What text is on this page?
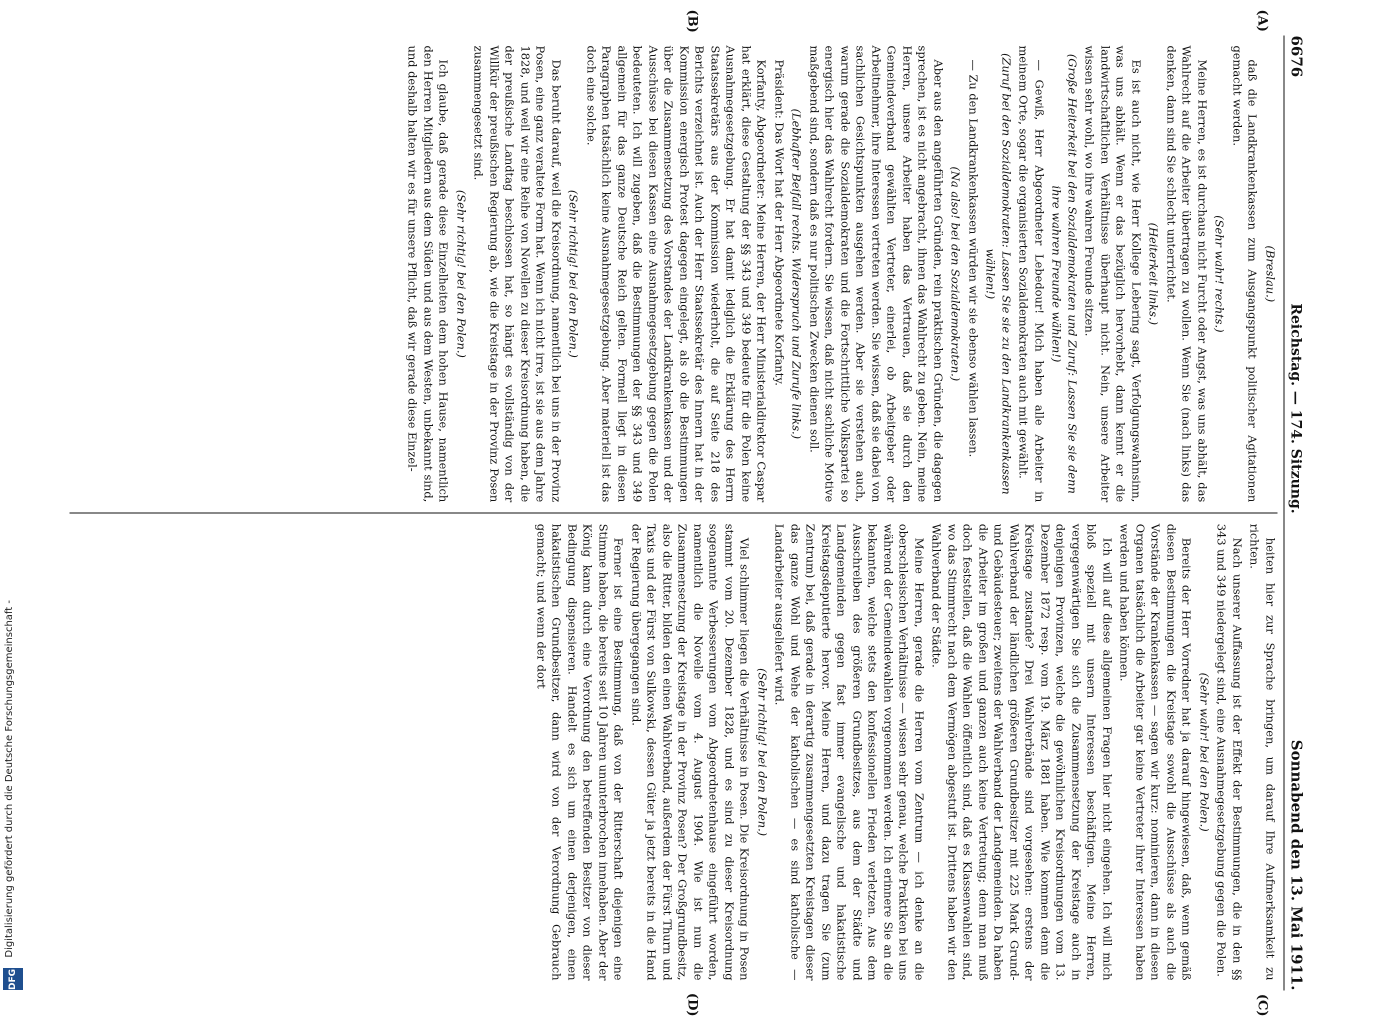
Digitalisierung gefördert durch die Deutsche Forschungsgemeinschaft -
DFG
6676
Reichstag. — 174. Sitzung.
Sonnabend den 13. Mai 1911.
(A)
(B)
(C)
(D)

(Breslau.)

daß die Landkrankenkassen zum Ausgangspunkt politischer Agitationen gemacht werden.

(Sehr wahr! rechts.)

Meine Herren, es ist durchaus nicht Furcht oder Angst, was uns abhält, das Wahlrecht auf die Arbeiter übertragen zu wollen. Wenn Sie (nach links) das denken, dann sind Sie schlecht unterrichtet.

(Heiterkeit links.)

Es ist auch nicht, wie Herr Kollege Lebering sagt, Verfolgungswahnsinn, was uns abhält. Wenn er das bezüglich hervorhebt, dann kennt er die landwirtschaftlichen Verhältnisse überhaupt nicht. Nein, unsere Arbeiter wissen sehr wohl, wo ihre wahren Freunde sitzen.

(Große Heiterkeit bei den Sozialdemokraten und Zuruf: Lassen Sie sie denn ihre wahren Freunde wählen!)

— Gewiß, Herr Abgeordneter Lebedour! Mich haben alle Arbeiter in meinem Orte, sogar die organisierten Sozialdemokraten auch mit gewählt.

(Zuruf bei den Sozialdemokraten: Lassen Sie sie zu den Landkrankenkassen wählen!)

— Zu den Landkrankenkassen würden wir sie ebenso wählen lassen.

(Na also! bei den Sozialdemokraten.)

Aber aus den angeführten Gründen, rein praktischen Gründen, die dagegen sprechen, ist es nicht angebracht, ihnen das Wahlrecht zu geben. Nein, meine Herren, unsere Arbeiter haben das Vertrauen, daß sie durch den Gemeindeverband gewählten Vertreter, einerlei, ob Arbeitgeber oder Arbeitnehmer, ihre Interessen vertreten werden. Sie wissen, daß sie dabei von sachlichen Gesichtspunkten ausgehen werden. Aber sie verstehen auch, warum gerade die Sozialdemokraten und die Fortschrittliche Volkspartei so energisch hier das Wahlrecht fordern. Sie wissen, daß nicht sachliche Motive maßgebend sind, sondern daß es nur politischen Zwecken dienen soll.

(Lebhafter Beifall rechts. Widerspruch und Zurufe links.)

Präsident: Das Wort hat der Herr Abgeordnete Korfanty.

Korfanty, Abgeordneter: Meine Herren, der Herr Ministerialdirektor Caspar hat erklärt, diese Gestaltung der §§ 343 und 349 bedeute für die Polen keine Ausnahmegesetzgebung. Er hat damit lediglich die Erklärung des Herrn Staatssekretärs aus der Kommission wiederholt, die auf Seite 218 des Berichts verzeichnet ist. Auch der Herr Staatssekretär des Innern hat in der Kommission energisch Protest dagegen eingelegt, als ob die Bestimmungen über die Zusammensetzung des Vorstandes der Landkrankenkassen und der Ausschüsse bei diesen Kassen eine Ausnahmegesetzgebung gegen die Polen bedeuteten. Ich will zugeben, daß die Bestimmungen der §§ 343 und 349 allgemein für das ganze Deutsche Reich gelten. Formell liegt in diesen Paragraphen tatsächlich keine Ausnahmegesetzgebung. Aber materiell ist das doch eine solche.

(Sehr richtig! bei den Polen.)

Das beruht darauf, weil die Kreisordnung, namentlich bei uns in der Provinz Posen, eine ganz veraltete Form hat. Wenn ich nicht irre, ist sie aus dem Jahre 1828, und weil wir eine Reihe von Novellen zu dieser Kreisordnung haben, die der preußische Landtag beschlossen hat, so hängt es vollständig von der Willkür der preußischen Regierung ab, wie die Kreistage in der Provinz Posen zusammengesetzt sind.

(Sehr richtig! bei den Polen.)

Ich glaube, daß gerade diese Einzelheiten dem hohen Hause, namentlich den Herren Mitgliedern aus dem Süden und aus dem Westen, unbekannt sind, und deshalb halten wir es für unsere Pflicht, daß wir gerade diese Einzel-

heiten hier zur Sprache bringen, um darauf Ihre Aufmerksamkeit zu richten.

Nach unserer Auffassung ist der Effekt der Bestimmungen, die in den §§ 343 und 349 niedergelegt sind, eine Ausnahmegesetzgebung gegen die Polen.

(Sehr wahr! bei den Polen.)

Bereits der Herr Vorredner hat ja darauf hingewiesen, daß, wenn gemäß diesen Bestimmungen die Kreistage sowohl die Ausschüsse als auch die Vorstände der Krankenkassen — sagen wir kurz: nominieren, dann in diesen Organen tatsächlich die Arbeiter gar keine Vertreter ihrer Interessen haben werden und haben können.

Ich will auf diese allgemeinen Fragen hier nicht eingehen. Ich will mich bloß speziell mit unsern Interessen beschäftigen. Meine Herren, vergegenwärtigen Sie sich die Zusammensetzung der Kreistage auch in denjenigen Provinzen, welche die gewöhnlichen Kreisordnungen vom 13. Dezember 1872 resp. vom 19. März 1881 haben. Wie kommen denn die Kreistage zustande? Drei Wahlverbände sind vorgesehen: erstens der Wahlverband der ländlichen größeren Grundbesitzer mit 225 Mark Grund- und Gebäudesteuer; zweitens der Wahlverband der Landgemeinden. Da haben die Arbeiter im großen und ganzen auch keine Vertretung; denn man muß doch feststellen, daß die Wahlen öffentlich sind, daß es Klassenwahlen sind, wo das Stimmrecht nach dem Vermögen abgestuft ist. Drittens haben wir den Wahlverband der Städte.

Meine Herren, gerade die Herren vom Zentrum — ich denke an die oberschlesischen Verhältnisse — wissen sehr genau, welche Praktiken bei uns während der Gemeindewahlen vorgenommen werden. Ich erinnere Sie an die bekannten, welche stets den konfessionellen Frieden verletzen. Aus dem Ausschreiben des größeren Grundbesitzes, aus dem der Städte und Landgemeinden gegen fast immer evangelische und hakatistische Kreistagsdeputierte hervor. Meine Herren, und dazu tragen Sie (zum Zentrum) bei, daß gerade in derartig zusammengesetzten Kreistagen dieser das ganze Wohl und Wehe der katholischen — es sind katholische — Landarbeiter ausgeliefert wird.

(Sehr richtig! bei den Polen.)

Viel schlimmer liegen die Verhältnisse in Posen. Die Kreisordnung in Posen stammt vom 20. Dezember 1828, und es sind zu dieser Kreisordnung sogenannte Verbesserungen vom Abgeordnetenhause eingeführt worden, namentlich die Novelle vom 4. August 1904. Wie ist nun die Zusammensetzung der Kreistage in der Provinz Posen? Der Großgrundbesitz, also die Ritter, bilden den einen Wahlverband, außerdem der Fürst Thurn und Taxis und der Fürst von Sulkowski, dessen Güter ja jetzt bereits in die Hand der Regierung übergegangen sind.

Ferner ist eine Bestimmung, daß von der Ritterschaft diejenigen eine Stimme haben, die bereits seit 10 Jahren ununterbrochen innehaben. Aber der König kann durch eine Verordnung den betreffenden Besitzer von dieser Bedingung dispensieren. Handelt es sich um einen derjenigen, einen hakatistischen Grundbesitzer, dann wird von der Verordnung Gebrauch gemacht; und wenn der dort
